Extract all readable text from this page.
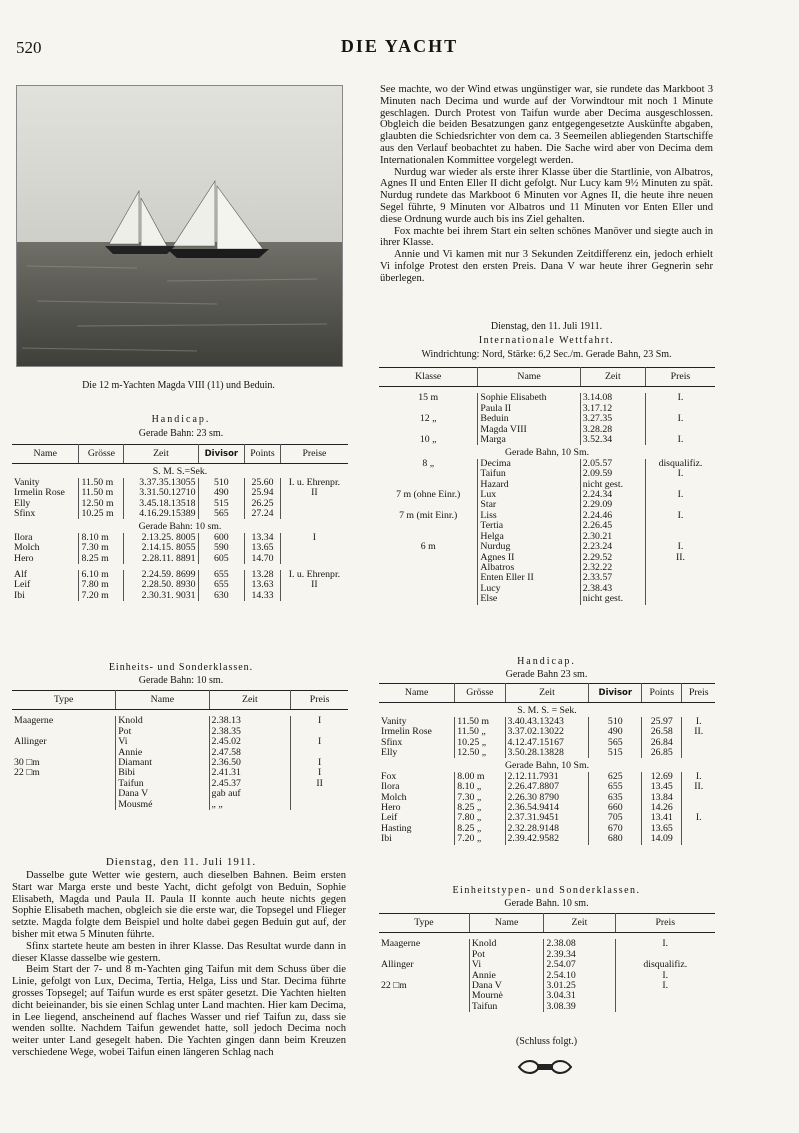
520	DIE YACHT
Die 12 m-Yachten Magda VIII (11) und Beduin.
Handicap.
Gerade Bahn: 23 sm.
Name	Grösse	Zeit	Divisor	Points	Preise
S. M. S.=Sek.					
Vanity	11.50 m	3.37.35.13055	510	25.60	I. u. Ehrenpr.
Irmelin Rose	11.50 m	3.31.50.12710	490	25.94	II
Elly	12.50 m	3.45.18.13518	515	26.25	
Sfinx	10.25 m	4.16.29.15389	565	27.24	
Gerade Bahn: 10 sm.					
Ilora	8.10 m	2.13.25. 8005	600	13.34	I
Molch	7.30 m	2.14.15. 8055	590	13.65	
Hero	8.25 m	2.28.11. 8891	605	14.70	

Alf	6.10 m	2.24.59. 8699	655	13.28	I. u. Ehrenpr.
Leif	7.80 m	2.28.50. 8930	655	13.63	II
Ibi	7.20 m	2.30.31. 9031	630	14.33	
Einheits- und Sonderklassen.
Gerade Bahn: 10 sm.
Type	Name	Zeit	Preis

Maagerne	Knold	2.38.13	I
	Pot	2.38.35	
Allinger	Vi	2.45.02	I
	Annie	2.47.58	
30 □m	Diamant	2.36.50	I
22 □m	Bibi	2.41.31	I
	Taifun	2.45.37	II
	Dana V	gab auf	
	Mousmé	„ „	
Dienstag, den 11. Juli 1911.

Dasselbe gute Wetter wie gestern, auch dieselben Bahnen. Beim ersten Start war Marga erste und beste Yacht, dicht gefolgt von Beduin, Sophie Elisabeth, Magda und Paula II. Paula II konnte auch heute nichts gegen Sophie Elisabeth machen, obgleich sie die erste war, die Topsegel und Flieger setzte. Magda folgte dem Beispiel und holte dabei gegen Beduin gut auf, der bisher mit etwa 5 Minuten führte.

Sfinx startete heute am besten in ihrer Klasse. Das Resultat wurde dann in dieser Klasse dasselbe wie gestern.

Beim Start der 7- und 8 m-Yachten ging Taifun mit dem Schuss über die Linie, gefolgt von Lux, Decima, Tertia, Helga, Liss und Star. Decima führte grosses Topsegel; auf Taifun wurde es erst später gesetzt. Die Yachten hielten dicht beieinander, bis sie einen Schlag unter Land machten. Hier kam Decima, in Lee liegend, anscheinend auf flaches Wasser und rief Taifun zu, dass sie wenden sollte. Nachdem Taifun gewendet hatte, soll jedoch Decima noch weiter unter Land gesegelt haben. Die Yachten gingen dann beim Kreuzen verschiedene Wege, wobei Taifun einen längeren Schlag nach

See machte, wo der Wind etwas ungünstiger war, sie rundete das Markboot 3 Minuten nach Decima und wurde auf der Vorwindtour mit noch 1 Minute geschlagen. Durch Protest von Taifun wurde aber Decima ausgeschlossen. Obgleich die beiden Besatzungen ganz entgegengesetzte Auskünfte abgaben, glaubten die Schiedsrichter von dem ca. 3 Seemeilen abliegenden Startschiffe aus den Verlauf beobachtet zu haben. Die Sache wird aber von Decima dem Internationalen Kommittee vorgelegt werden.

Nurdug war wieder als erste ihrer Klasse über die Startlinie, von Albatros, Agnes II und Enten Eller II dicht gefolgt. Nur Lucy kam 9½ Minuten zu spät. Nurdug rundete das Markboot 6 Minuten vor Agnes II, die heute ihre neuen Segel führte, 9 Minuten vor Albatros und 11 Minuten vor Enten Eller und diese Ordnung wurde auch bis ins Ziel gehalten.

Fox machte bei ihrem Start ein selten schönes Manöver und siegte auch in ihrer Klasse.

Annie und Vi kamen mit nur 3 Sekunden Zeitdifferenz ein, jedoch erhielt Vi infolge Protest den ersten Preis. Dana V war heute ihrer Gegnerin sehr überlegen.

Dienstag, den 11. Juli 1911.
Internationale Wettfahrt.
Windrichtung: Nord, Stärke: 6,2 Sec./m. Gerade Bahn, 23 Sm.
Klasse	Name	Zeit	Preis

15 m	Sophie Elisabeth	3.14.08	I.
	Paula II	3.17.12	
12 „	Beduin	3.27.35	I.
	Magda VIII	3.28.28	
10 „	Marga	3.52.34	I.
Gerade Bahn, 10 Sm.			
8 „	Decima	2.05.57	disqualifiz.
	Taifun	2.09.59	I.
	Hazard	nicht gest.	
7 m (ohne Einr.)	Lux	2.24.34	I.
	Star	2.29.09	
7 m (mit Einr.)	Liss	2.24.46	I.
	Tertia	2.26.45	
	Helga	2.30.21	
6 m	Nurdug	2.23.24	I.
	Agnes II	2.29.52	II.
	Albatros	2.32.22	
	Enten Eller II	2.33.57	
	Lucy	2.38.43	
	Else	nicht gest.	
Handicap.
Gerade Bahn 23 sm.
Name	Grösse	Zeit	Divisor	Points	Preis
S. M. S. = Sek.					
Vanity	11.50 m	3.40.43.13243	510	25.97	I.
Irmelin Rose	11.50 „	3.37.02.13022	490	26.58	II.
Sfinx	10.25 „	4.12.47.15167	565	26.84	
Elly	12.50 „	3.50.28.13828	515	26.85	
Gerade Bahn, 10 Sm.					
Fox	8.00 m	2.12.11.7931	625	12.69	I.
Ilora	8.10 „	2.26.47.8807	655	13.45	II.
Molch	7.30 „	2.26.30 8790	635	13.84	
Hero	8.25 „	2.36.54.9414	660	14.26	
Leif	7.80 „	2.37.31.9451	705	13.41	I.
Hasting	8.25 „	2.32.28.9148	670	13.65	
Ibi	7.20 „	2.39.42.9582	680	14.09	
Einheitstypen- und Sonderklassen.
Gerade Bahn. 10 sm.
Type	Name	Zeit	Preis

Maagerne	Knold	2.38.08	I.
	Pot	2.39.34	
Allinger	Vi	2.54.07	disqualifiz.
	Annie	2.54.10	I.
22 □m	Dana V	3.01.25	I.
	Mournė	3.04.31	
	Taifun	3.08.39	
(Schluss folgt.)
